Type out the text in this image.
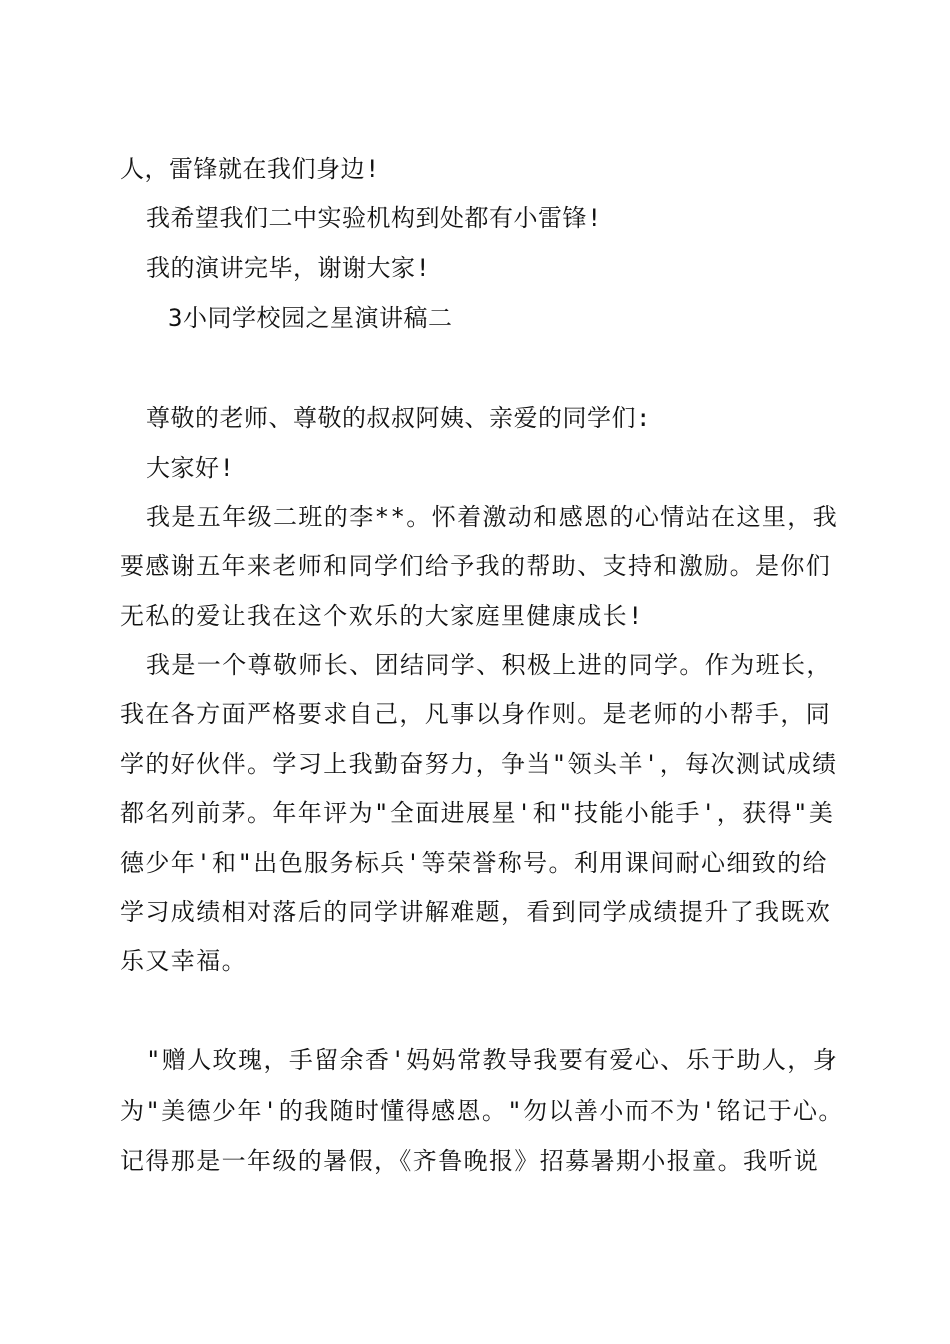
人，雷锋就在我们身边!
我希望我们二中实验机构到处都有小雷锋!
我的演讲完毕，谢谢大家!
3小同学校园之星演讲稿二
尊敬的老师、尊敬的叔叔阿姨、亲爱的同学们:
大家好!
我是五年级二班的李**。怀着激动和感恩的心情站在这里，我
要感谢五年来老师和同学们给予我的帮助、支持和激励。是你们
无私的爱让我在这个欢乐的大家庭里健康成长!
我是一个尊敬师长、团结同学、积极上进的同学。作为班长，
我在各方面严格要求自己，凡事以身作则。是老师的小帮手，同
学的好伙伴。学习上我勤奋努力，争当"领头羊'，每次测试成绩
都名列前茅。年年评为"全面进展星'和"技能小能手'，获得"美
德少年'和"出色服务标兵'等荣誉称号。利用课间耐心细致的给
学习成绩相对落后的同学讲解难题，看到同学成绩提升了我既欢
乐又幸福。
"赠人玫瑰，手留余香'妈妈常教导我要有爱心、乐于助人，身
为"美德少年'的我随时懂得感恩。"勿以善小而不为'铭记于心。
记得那是一年级的暑假，《齐鲁晚报》招募暑期小报童。我听说
